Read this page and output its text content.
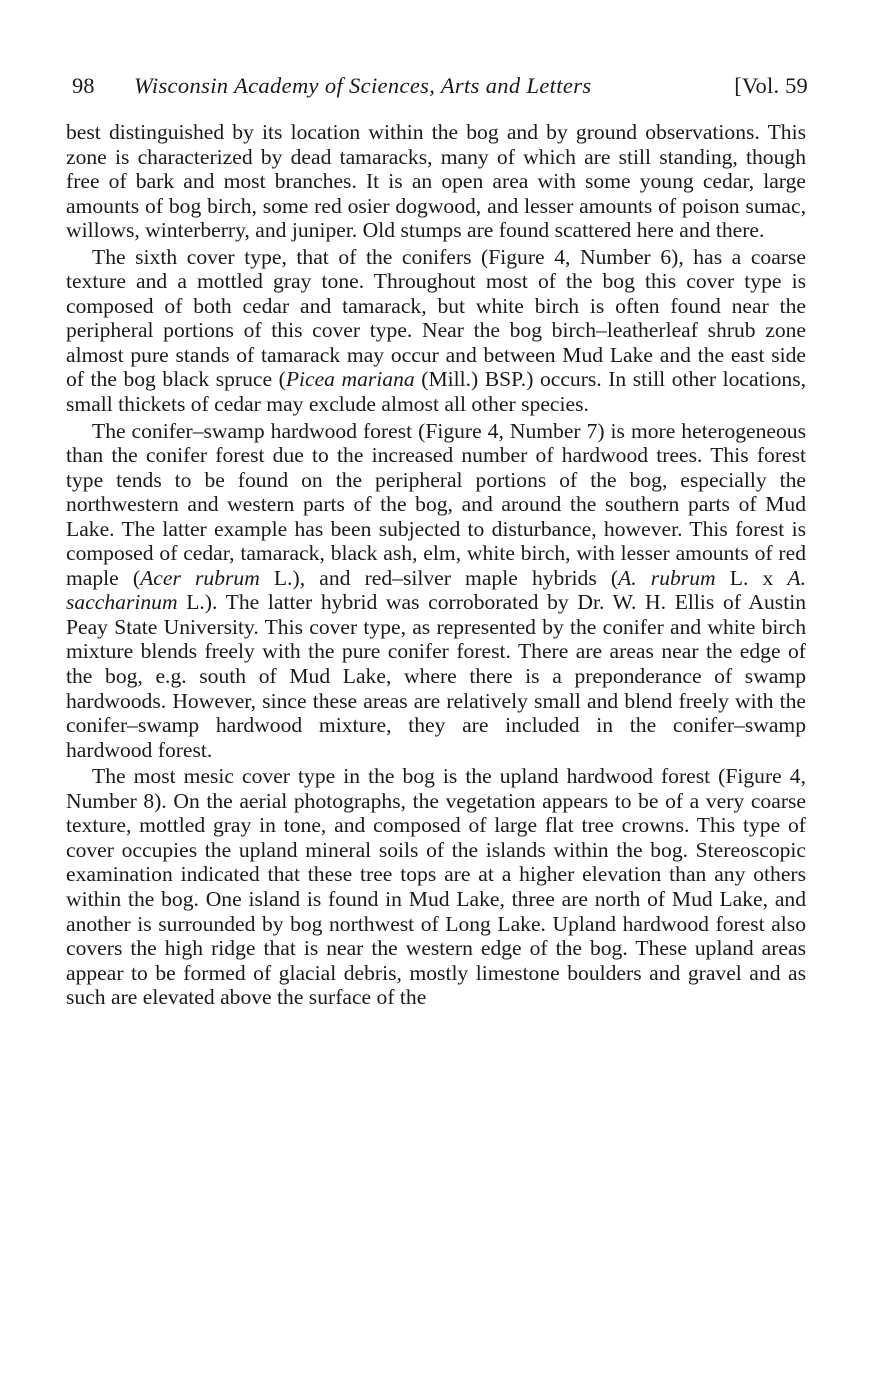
98	Wisconsin Academy of Sciences, Arts and Letters	[Vol. 59

best distinguished by its location within the bog and by ground observations. This zone is characterized by dead tamaracks, many of which are still standing, though free of bark and most branches. It is an open area with some young cedar, large amounts of bog birch, some red osier dogwood, and lesser amounts of poison sumac, willows, winterberry, and juniper. Old stumps are found scattered here and there.

The sixth cover type, that of the conifers (Figure 4, Number 6), has a coarse texture and a mottled gray tone. Throughout most of the bog this cover type is composed of both cedar and tamarack, but white birch is often found near the peripheral portions of this cover type. Near the bog birch–leatherleaf shrub zone almost pure stands of tamarack may occur and between Mud Lake and the east side of the bog black spruce (Picea mariana (Mill.) BSP.) occurs. In still other locations, small thickets of cedar may exclude almost all other species.

The conifer–swamp hardwood forest (Figure 4, Number 7) is more heterogeneous than the conifer forest due to the increased number of hardwood trees. This forest type tends to be found on the peripheral portions of the bog, especially the northwestern and western parts of the bog, and around the southern parts of Mud Lake. The latter example has been subjected to disturbance, however. This forest is composed of cedar, tamarack, black ash, elm, white birch, with lesser amounts of red maple (Acer rubrum L.), and red–silver maple hybrids (A. rubrum L. x A. saccharinum L.). The latter hybrid was corroborated by Dr. W. H. Ellis of Austin Peay State University. This cover type, as represented by the conifer and white birch mixture blends freely with the pure conifer forest. There are areas near the edge of the bog, e.g. south of Mud Lake, where there is a preponderance of swamp hardwoods. However, since these areas are relatively small and blend freely with the conifer–swamp hardwood mixture, they are included in the conifer–swamp hardwood forest.

The most mesic cover type in the bog is the upland hardwood forest (Figure 4, Number 8). On the aerial photographs, the vegetation appears to be of a very coarse texture, mottled gray in tone, and composed of large flat tree crowns. This type of cover occupies the upland mineral soils of the islands within the bog. Stereoscopic examination indicated that these tree tops are at a higher elevation than any others within the bog. One island is found in Mud Lake, three are north of Mud Lake, and another is surrounded by bog northwest of Long Lake. Upland hardwood forest also covers the high ridge that is near the western edge of the bog. These upland areas appear to be formed of glacial debris, mostly limestone boulders and gravel and as such are elevated above the surface of the
